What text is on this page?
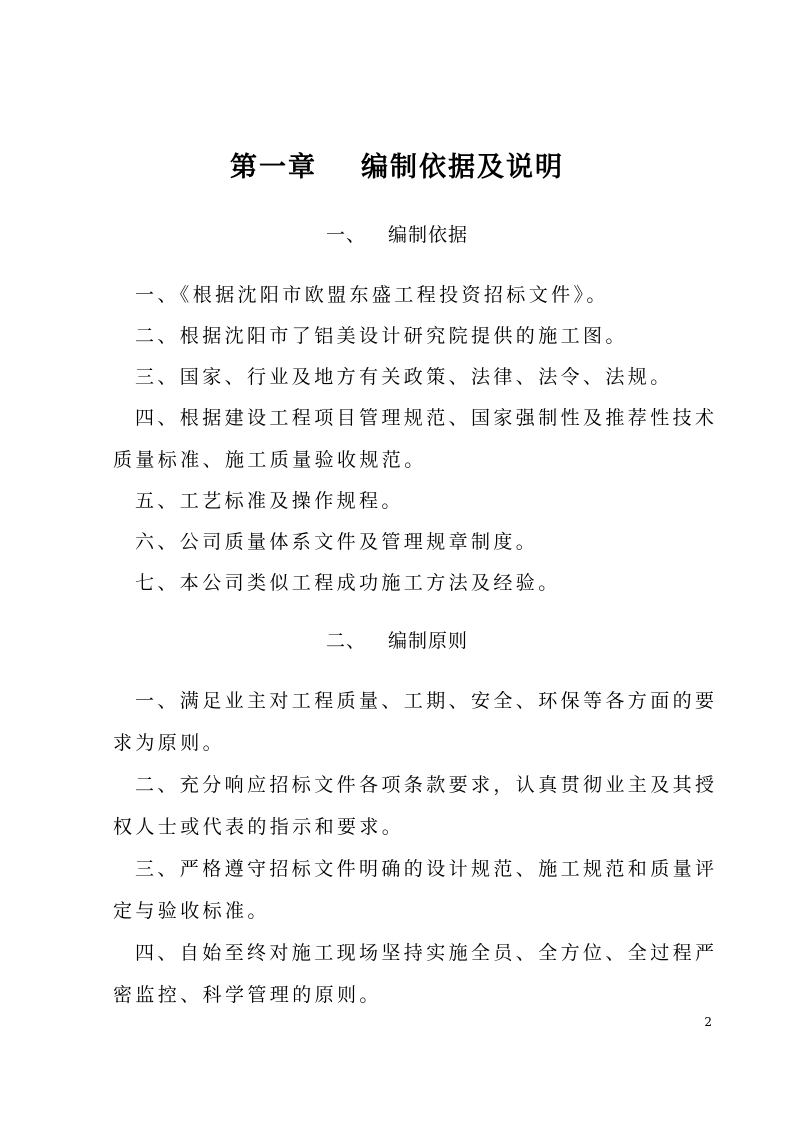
第一章 编制依据及说明
一、 编制依据
一、《根据沈阳市欧盟东盛工程投资招标文件》。
二、根据沈阳市了铝美设计研究院提供的施工图。
三、国家、行业及地方有关政策、法律、法令、法规。
四、根据建设工程项目管理规范、国家强制性及推荐性技术质量标准、施工质量验收规范。
五、工艺标准及操作规程。
六、公司质量体系文件及管理规章制度。
七、本公司类似工程成功施工方法及经验。
二、 编制原则
一、满足业主对工程质量、工期、安全、环保等各方面的要求为原则。
二、充分响应招标文件各项条款要求，认真贯彻业主及其授权人士或代表的指示和要求。
三、严格遵守招标文件明确的设计规范、施工规范和质量评定与验收标准。
四、自始至终对施工现场坚持实施全员、全方位、全过程严密监控、科学管理的原则。
2
